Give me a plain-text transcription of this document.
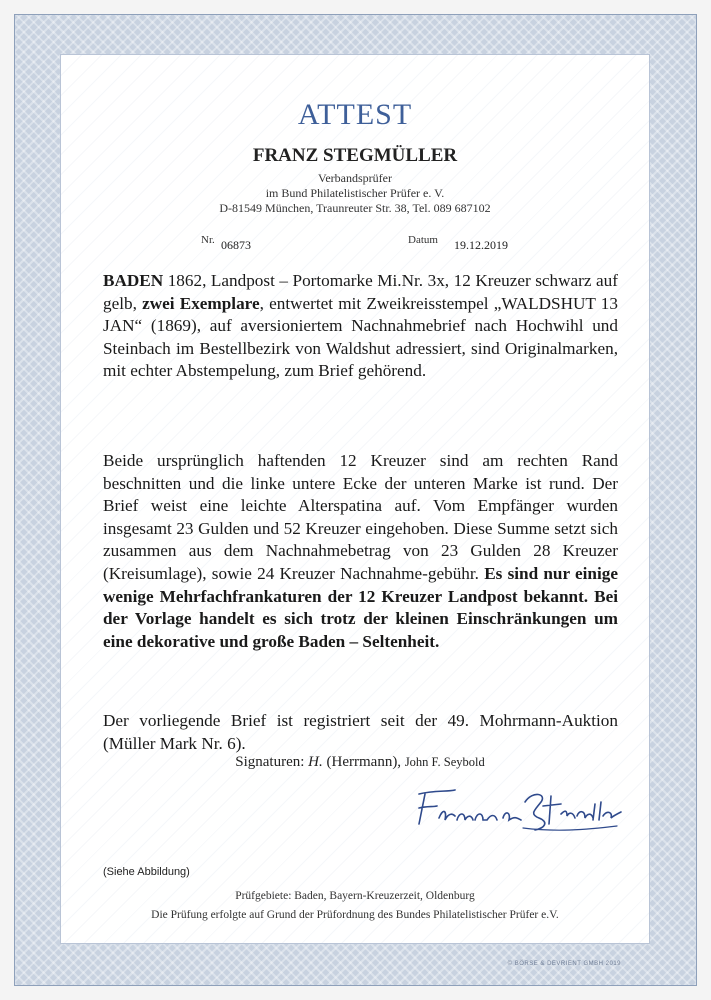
ATTEST
FRANZ STEGMÜLLER
Verbandsprüfer
im Bund Philatelistischer Prüfer e. V.
D-81549 München, Traunreuter Str. 38, Tel. 089 687102
Nr. 06873	Datum 19.12.2019
BADEN 1862, Landpost – Portomarke Mi.Nr. 3x, 12 Kreuzer schwarz auf gelb, zwei Exemplare, entwertet mit Zweikreisstempel „WALDSHUT 13 JAN“ (1869), auf aversioniertem Nachnahmebrief nach Hochwihl und Steinbach im Bestellbezirk von Waldshut adressiert, sind Originalmarken, mit echter Abstempelung, zum Brief gehörend.
Beide ursprünglich haftenden 12 Kreuzer sind am rechten Rand beschnitten und die linke untere Ecke der unteren Marke ist rund. Der Brief weist eine leichte Alterspatina auf. Vom Empfänger wurden insgesamt 23 Gulden und 52 Kreuzer eingehoben. Diese Summe setzt sich zusammen aus dem Nachnahmebetrag von 23 Gulden 28 Kreuzer (Kreisumlage), sowie 24 Kreuzer Nachnahme-gebühr. Es sind nur einige wenige Mehrfachfrankaturen der 12 Kreuzer Landpost bekannt. Bei der Vorlage handelt es sich trotz der kleinen Einschränkungen um eine dekorative und große Baden – Seltenheit.
Der vorliegende Brief ist registriert seit der 49. Mohrmann-Auktion (Müller Mark Nr. 6).
Signaturen: H. (Herrmann), John F. Seybold
(Siehe Abbildung)
Prüfgebiete: Baden, Bayern-Kreuzerzeit, Oldenburg
Die Prüfung erfolgte auf Grund der Prüfordnung des Bundes Philatelistischer Prüfer e.V.
© BÖRSE & DEVRIENT GMBH 2019
